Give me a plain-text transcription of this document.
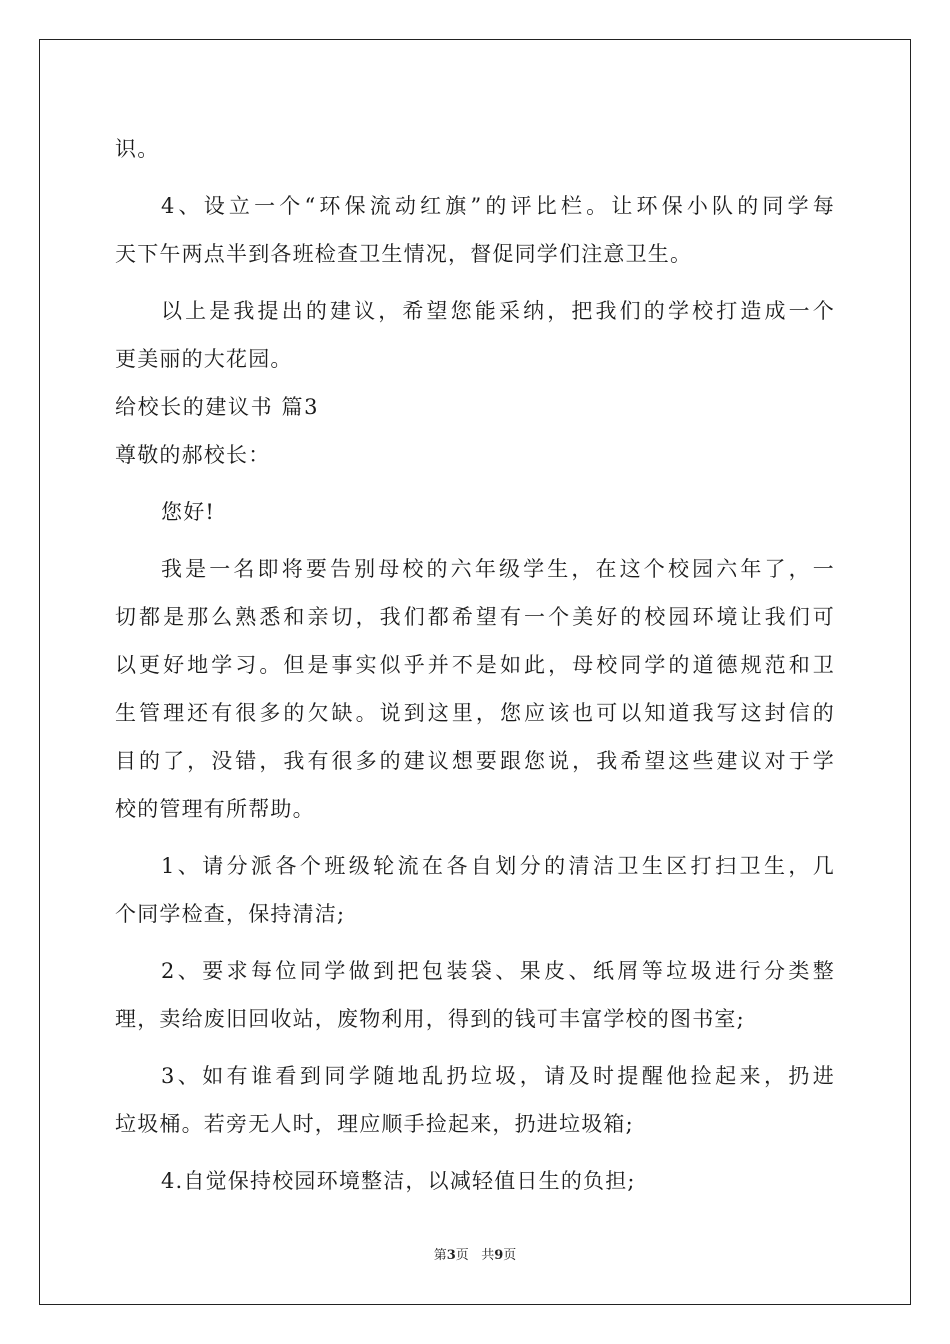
识。
4、设立一个“环保流动红旗”的评比栏。让环保小队的同学每
天下午两点半到各班检查卫生情况，督促同学们注意卫生。
以上是我提出的建议，希望您能采纳，把我们的学校打造成一个
更美丽的大花园。
给校长的建议书 篇3
尊敬的郝校长：
您好!
我是一名即将要告别母校的六年级学生，在这个校园六年了，一
切都是那么熟悉和亲切，我们都希望有一个美好的校园环境让我们可
以更好地学习。但是事实似乎并不是如此，母校同学的道德规范和卫
生管理还有很多的欠缺。说到这里，您应该也可以知道我写这封信的
目的了，没错，我有很多的建议想要跟您说，我希望这些建议对于学
校的管理有所帮助。
1、请分派各个班级轮流在各自划分的清洁卫生区打扫卫生，几
个同学检查，保持清洁;
2、要求每位同学做到把包装袋、果皮、纸屑等垃圾进行分类整
理，卖给废旧回收站，废物利用，得到的钱可丰富学校的图书室;
3、如有谁看到同学随地乱扔垃圾，请及时提醒他捡起来，扔进
垃圾桶。若旁无人时，理应顺手捡起来，扔进垃圾箱;
4.自觉保持校园环境整洁，以减轻值日生的负担;
第3页 共9页
